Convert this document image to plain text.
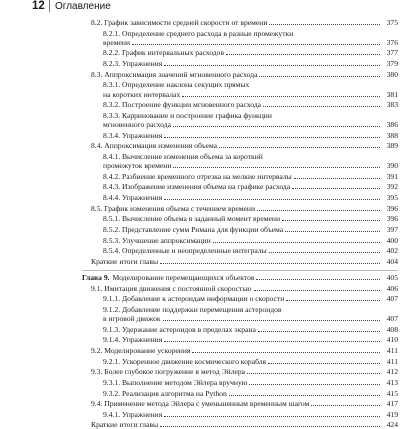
12 Оглавление
8.2. График зависимости средней скорости от времени	375
8.2.1. Определение среднего расхода в разные промежутки
времени	376
8.2.2. График интервальных расходов	377
8.2.3. Упражнения	379
8.3. Аппроксимация значений мгновенного расхода	380
8.3.1. Определение наклона секущих прямых
на коротких интервалах	381
8.3.2. Построение функции мгновенного расхода	383
8.3.3. Карринование и построение графика функции
мгновенного расхода	386
8.3.4. Упражнения	388
8.4. Аппроксимация изменения объема	389
8.4.1. Вычисление изменения объема за короткий
промежуток времени	390
8.4.2. Разбиение временного отрезка на мелкие интервалы	391
8.4.3. Изображение изменения объема на графике расхода	392
8.4.4. Упражнения	395
8.5. График изменения объема с течением времени	396
8.5.1. Вычисление объема в заданный момент времени	396
8.5.2. Представление сумм Римана для функции объема	397
8.5.3. Улучшение аппроксимации	400
8.5.4. Определенные и неопределенные интегралы	402
Краткие итоги главы	404
Глава 9. Моделирование перемещающихся объектов	405
9.1. Имитация движения с постоянной скоростью	406
9.1.1. Добавление к астероидам информации о скорости	407
9.1.2. Добавление поддержки перемещения астероидов
в игровой движок	407
9.1.3. Удержание астероидов в пределах экрана	408
9.1.4. Упражнения	410
9.2. Моделирование ускорения	411
9.2.1. Ускоренное движение космического корабля	411
9.3. Более глубокое погружение в метод Эйлера	412
9.3.1. Выполнение методом Эйлера вручную	413
9.3.2. Реализация алгоритма на Python	415
9.4. Применение метода Эйлера с уменьшенным временным шагом	417
9.4.1. Упражнения	419
Краткие итоги главы	424
